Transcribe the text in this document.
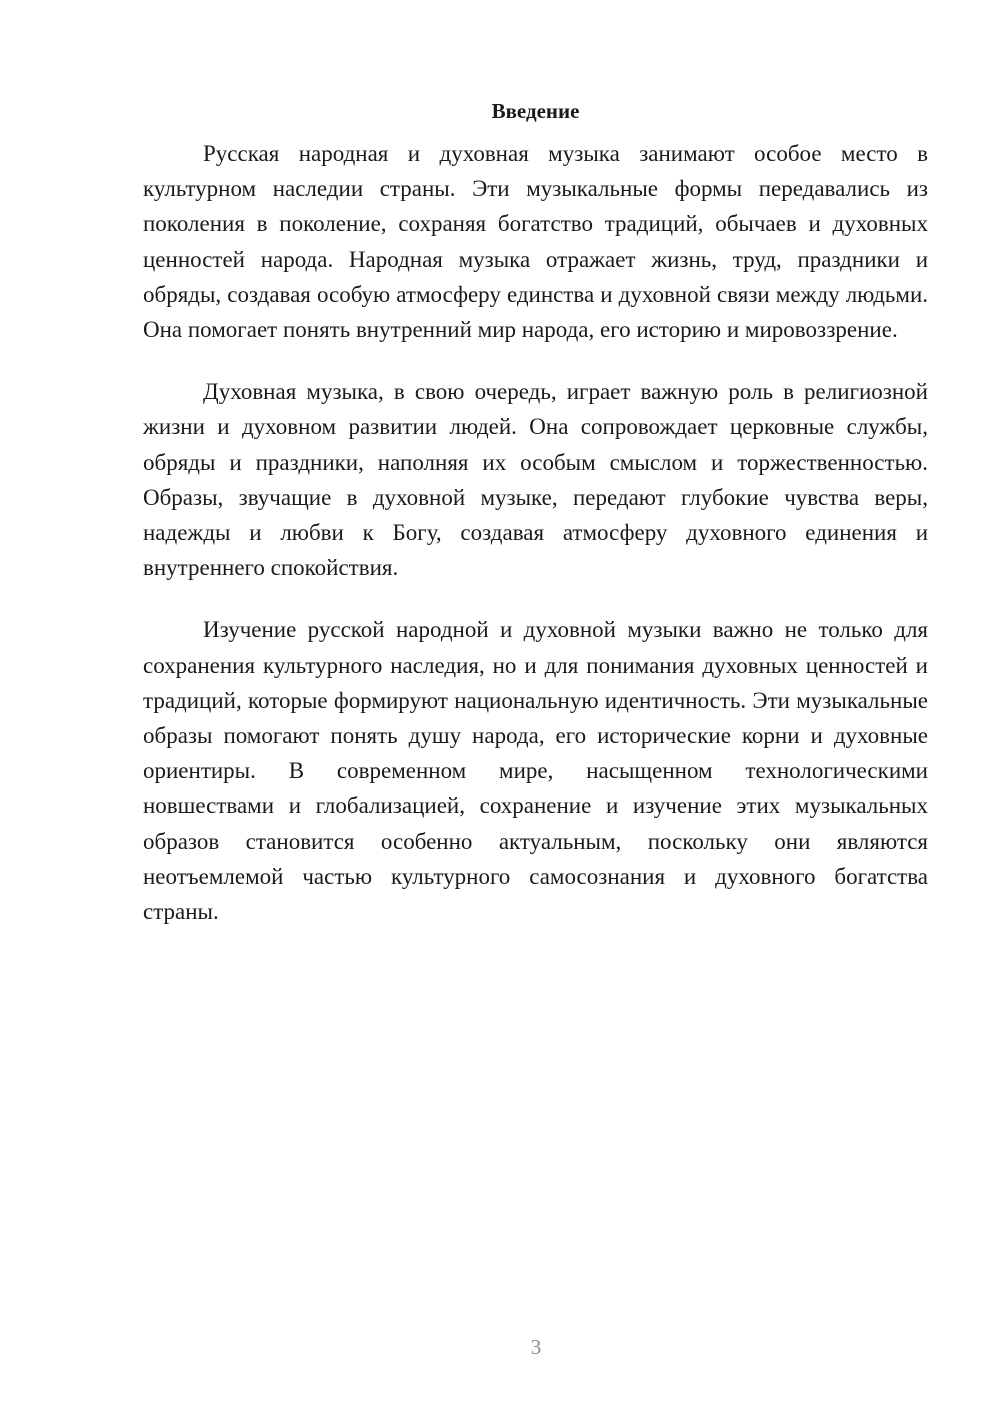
Введение

Русская народная и духовная музыка занимают особое место в культурном наследии страны. Эти музыкальные формы передавались из поколения в поколение, сохраняя богатство традиций, обычаев и духовных ценностей народа. Народная музыка отражает жизнь, труд, праздники и обряды, создавая особую атмосферу единства и духовной связи между людьми. Она помогает понять внутренний мир народа, его историю и мировоззрение.

Духовная музыка, в свою очередь, играет важную роль в религиозной жизни и духовном развитии людей. Она сопровождает церковные службы, обряды и праздники, наполняя их особым смыслом и торжественностью. Образы, звучащие в духовной музыке, передают глубокие чувства веры, надежды и любви к Богу, создавая атмосферу духовного единения и внутреннего спокойствия.

Изучение русской народной и духовной музыки важно не только для сохранения культурного наследия, но и для понимания духовных ценностей и традиций, которые формируют национальную идентичность. Эти музыкальные образы помогают понять душу народа, его исторические корни и духовные ориентиры. В современном мире, насыщенном технологическими новшествами и глобализацией, сохранение и изучение этих музыкальных образов становится особенно актуальным, поскольку они являются неотъемлемой частью культурного самосознания и духовного богатства страны.

3
